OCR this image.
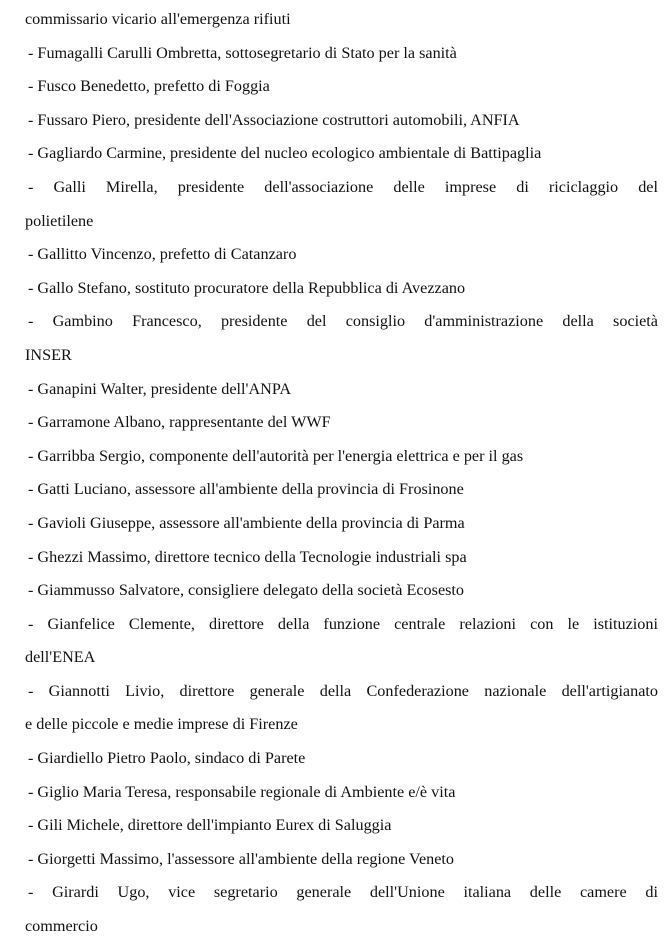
commissario vicario all'emergenza rifiuti
- Fumagalli Carulli Ombretta, sottosegretario di Stato per la sanità
- Fusco Benedetto, prefetto di Foggia
- Fussaro Piero, presidente dell'Associazione costruttori automobili, ANFIA
- Gagliardo Carmine, presidente del nucleo ecologico ambientale di Battipaglia
- Galli Mirella, presidente dell'associazione delle imprese di riciclaggio del
polietilene
- Gallitto Vincenzo, prefetto di Catanzaro
- Gallo Stefano, sostituto procuratore della Repubblica di Avezzano
- Gambino Francesco, presidente del consiglio d'amministrazione della società
INSER
- Ganapini Walter, presidente dell'ANPA
- Garramone Albano, rappresentante del WWF
- Garribba Sergio, componente dell'autorità per l'energia elettrica e per il gas
- Gatti Luciano, assessore all'ambiente della provincia di Frosinone
- Gavioli Giuseppe, assessore all'ambiente della provincia di Parma
- Ghezzi Massimo, direttore tecnico della Tecnologie industriali spa
- Giammusso Salvatore, consigliere delegato della società Ecosesto
- Gianfelice Clemente, direttore della funzione centrale relazioni con le istituzioni
dell'ENEA
- Giannotti Livio, direttore generale della Confederazione nazionale dell'artigianato
e delle piccole e medie imprese di Firenze
- Giardiello Pietro Paolo, sindaco di Parete
- Giglio Maria Teresa, responsabile regionale di Ambiente e/è vita
- Gili Michele, direttore dell'impianto Eurex di Saluggia
- Giorgetti Massimo, l'assessore all'ambiente della regione Veneto
- Girardi Ugo, vice segretario generale dell'Unione italiana delle camere di
commercio
